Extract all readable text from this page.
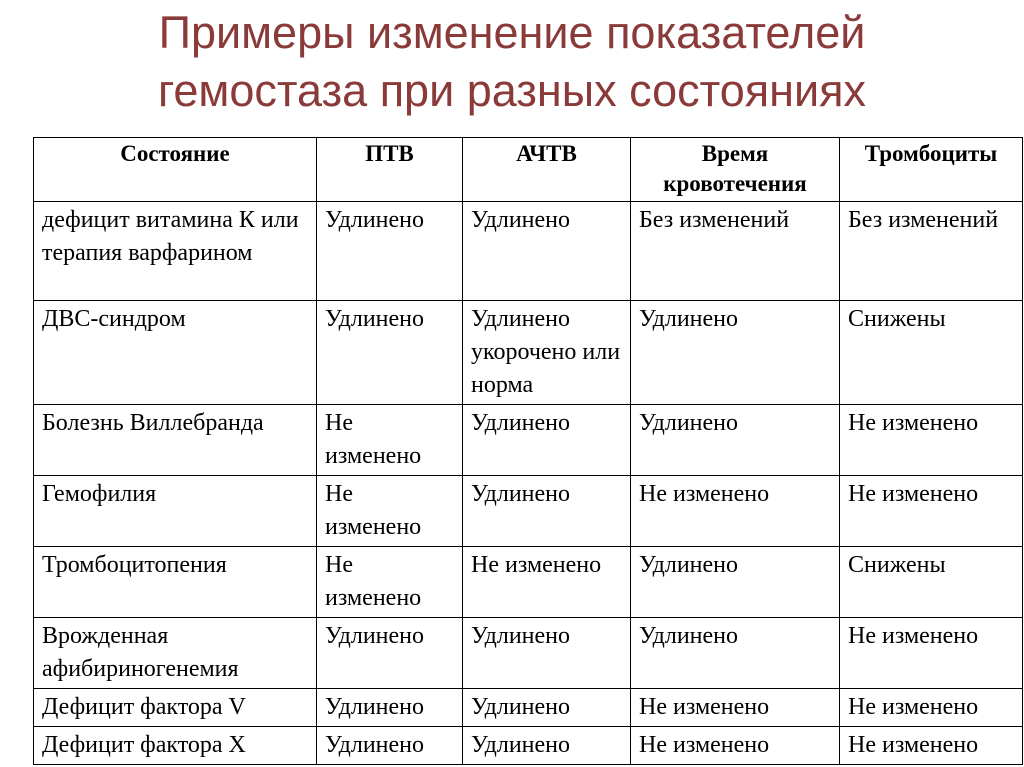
Примеры изменение показателей
гемостаза при разных состояниях
Состояние	ПТВ	АЧТВ	Время кровотечения	Тромбоциты
дефицит витамина К или терапия варфарином	Удлинено	Удлинено	Без изменений	Без изменений
ДВС-синдром	Удлинено	Удлинено укорочено или норма	Удлинено	Снижены
Болезнь Виллебранда	Не изменено	Удлинено	Удлинено	Не изменено
Гемофилия	Не изменено	Удлинено	Не изменено	Не изменено
Тромбоцитопения	Не изменено	Не изменено	Удлинено	Снижены
Врожденная афибириногенемия	Удлинено	Удлинено	Удлинено	Не изменено
Дефицит фактора V	Удлинено	Удлинено	Не изменено	Не изменено
Дефицит фактора X	Удлинено	Удлинено	Не изменено	Не изменено
